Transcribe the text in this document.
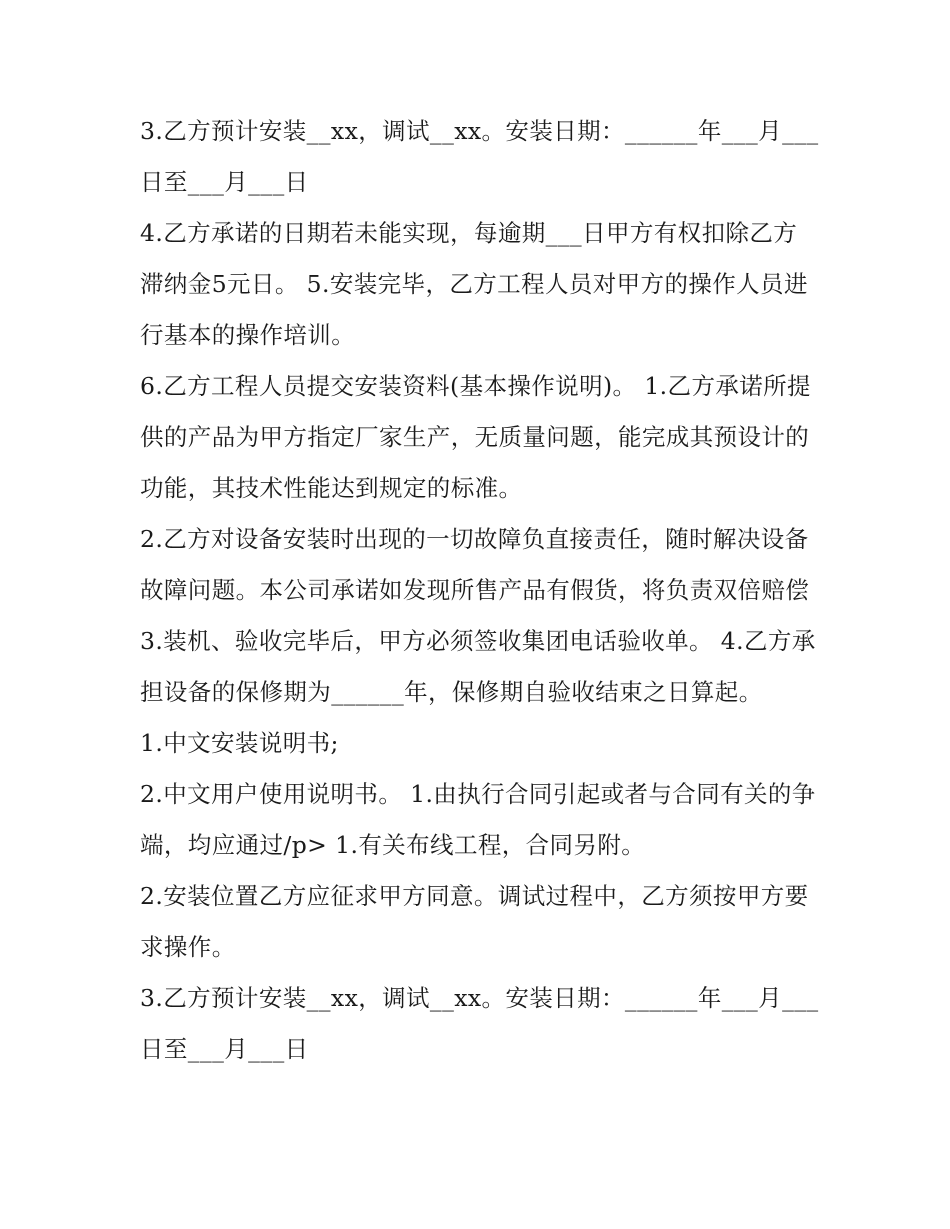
3.乙方预计安装__xx，调试__xx。安装日期：______年___月___日至___月___日

4.乙方承诺的日期若未能实现，每逾期___日甲方有权扣除乙方滞纳金5元日。 5.安装完毕，乙方工程人员对甲方的操作人员进行基本的操作培训。

6.乙方工程人员提交安装资料(基本操作说明)。 1.乙方承诺所提供的产品为甲方指定厂家生产，无质量问题，能完成其预设计的功能，其技术性能达到规定的标准。

2.乙方对设备安装时出现的一切故障负直接责任，随时解决设备故障问题。本公司承诺如发现所售产品有假货，将负责双倍赔偿

3.装机、验收完毕后，甲方必须签收集团电话验收单。 4.乙方承担设备的保修期为______年，保修期自验收结束之日算起。

1.中文安装说明书;

2.中文用户使用说明书。 1.由执行合同引起或者与合同有关的争端，均应通过/p> 1.有关布线工程，合同另附。

2.安装位置乙方应征求甲方同意。调试过程中，乙方须按甲方要求操作。

3.乙方预计安装__xx，调试__xx。安装日期：______年___月___日至___月___日
